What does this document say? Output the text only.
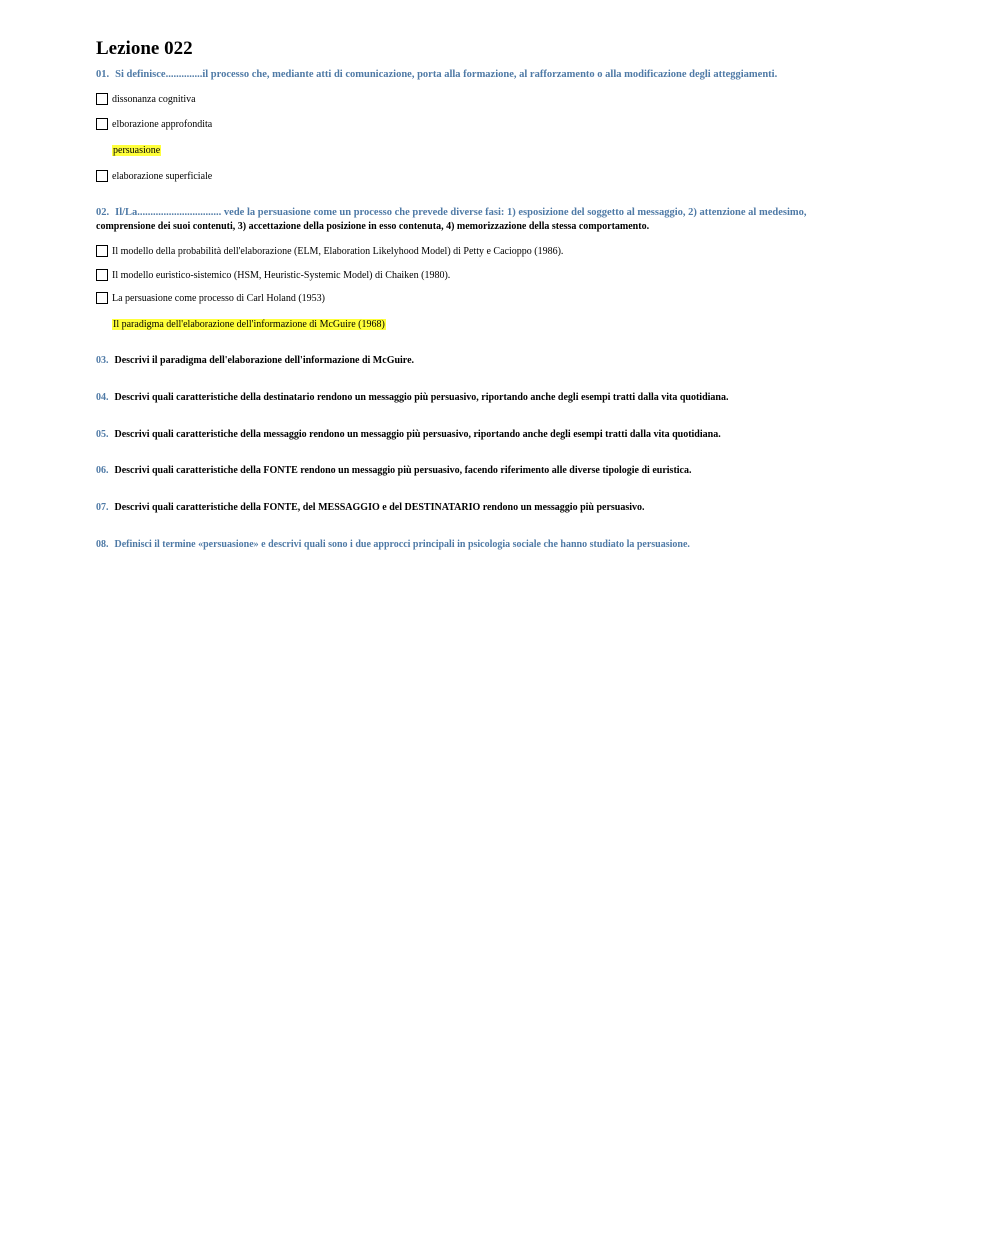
Lezione 022
01. Si definisce..............il processo che, mediante atti di comunicazione, porta alla formazione, al rafforzamento o alla modificazione degli atteggiamenti.
dissonanza cognitiva
elborazione approfondita
persuasione
elaborazione superficiale
02. Il/La................................ vede la persuasione come un processo che prevede diverse fasi: 1) esposizione del soggetto al messaggio, 2) attenzione al medesimo,
comprensione dei suoi contenuti, 3) accettazione della posizione in esso contenuta, 4) memorizzazione della stessa comportamento.
Il modello della probabilità dell'elaborazione (ELM, Elaboration Likelyhood Model) di Petty e Cacioppo (1986).
Il modello euristico-sistemico (HSM, Heuristic-Systemic Model) di Chaiken (1980).
La persuasione come processo di Carl Holand (1953)
Il paradigma dell'elaborazione dell'informazione di McGuire (1968)
03. Descrivi il paradigma dell'elaborazione dell'informazione di McGuire.
04. Descrivi quali caratteristiche della destinatario rendono un messaggio più persuasivo, riportando anche degli esempi tratti dalla vita quotidiana.
05. Descrivi quali caratteristiche della messaggio rendono un messaggio più persuasivo, riportando anche degli esempi tratti dalla vita quotidiana.
06. Descrivi quali caratteristiche della FONTE rendono un messaggio più persuasivo, facendo riferimento alle diverse tipologie di euristica.
07. Descrivi quali caratteristiche della FONTE, del MESSAGGIO e del DESTINATARIO rendono un messaggio più persuasivo.
08. Definisci il termine «persuasione» e descrivi quali sono i due approcci principali in psicologia sociale che hanno studiato la persuasione.
